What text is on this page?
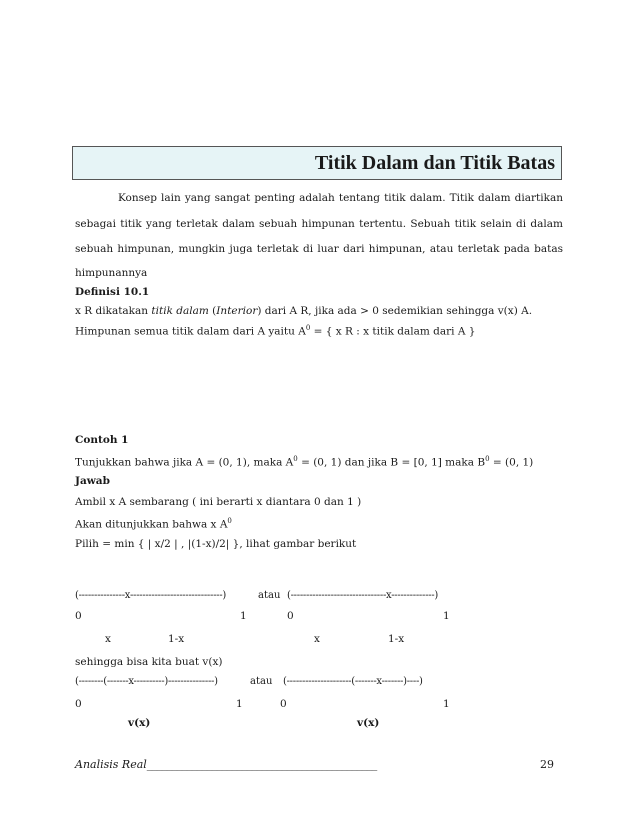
Titik Dalam dan Titik Batas
Konsep lain yang sangat penting adalah tentang titik dalam. Titik dalam diartikan
sebagai titik yang terletak dalam sebuah himpunan tertentu. Sebuah titik selain di dalam
sebuah himpunan, mungkin juga terletak di luar dari himpunan, atau terletak pada batas
himpunannya
Definisi 10.1
x R dikatakan titik dalam (Interior) dari A R, jika ada > 0 sedemikian sehingga v(x) A.
Himpunan semua titik dalam dari A yaitu $A^0$ = { x R : x titik dalam dari A }
Contoh 1
Tunjukkan bahwa jika A = (0, 1), maka $A^0 = (0$, 1) dan jika B = [0, 1] maka $B^0 = (0$, 1)
Jawab
Ambil x A sembarang ( ini berarti x diantara 0 dan 1 )
Akan ditunjukkan bahwa x $A^0$
Pilih = min { | x/2 | , |(1-x)/2| }, lihat gambar berikut
(---------------x------------------------------)	atau (-------------------------------x--------------)
0	1	0	1
x	1-x	x	1-x
sehingga bisa kita buat v(x)
(--------(-------x----------)---------------)	atau (---------------------(-------x-------)----)
0	1	0	1
v(x)	v(x)
Analisis Real______________________________________________	29
